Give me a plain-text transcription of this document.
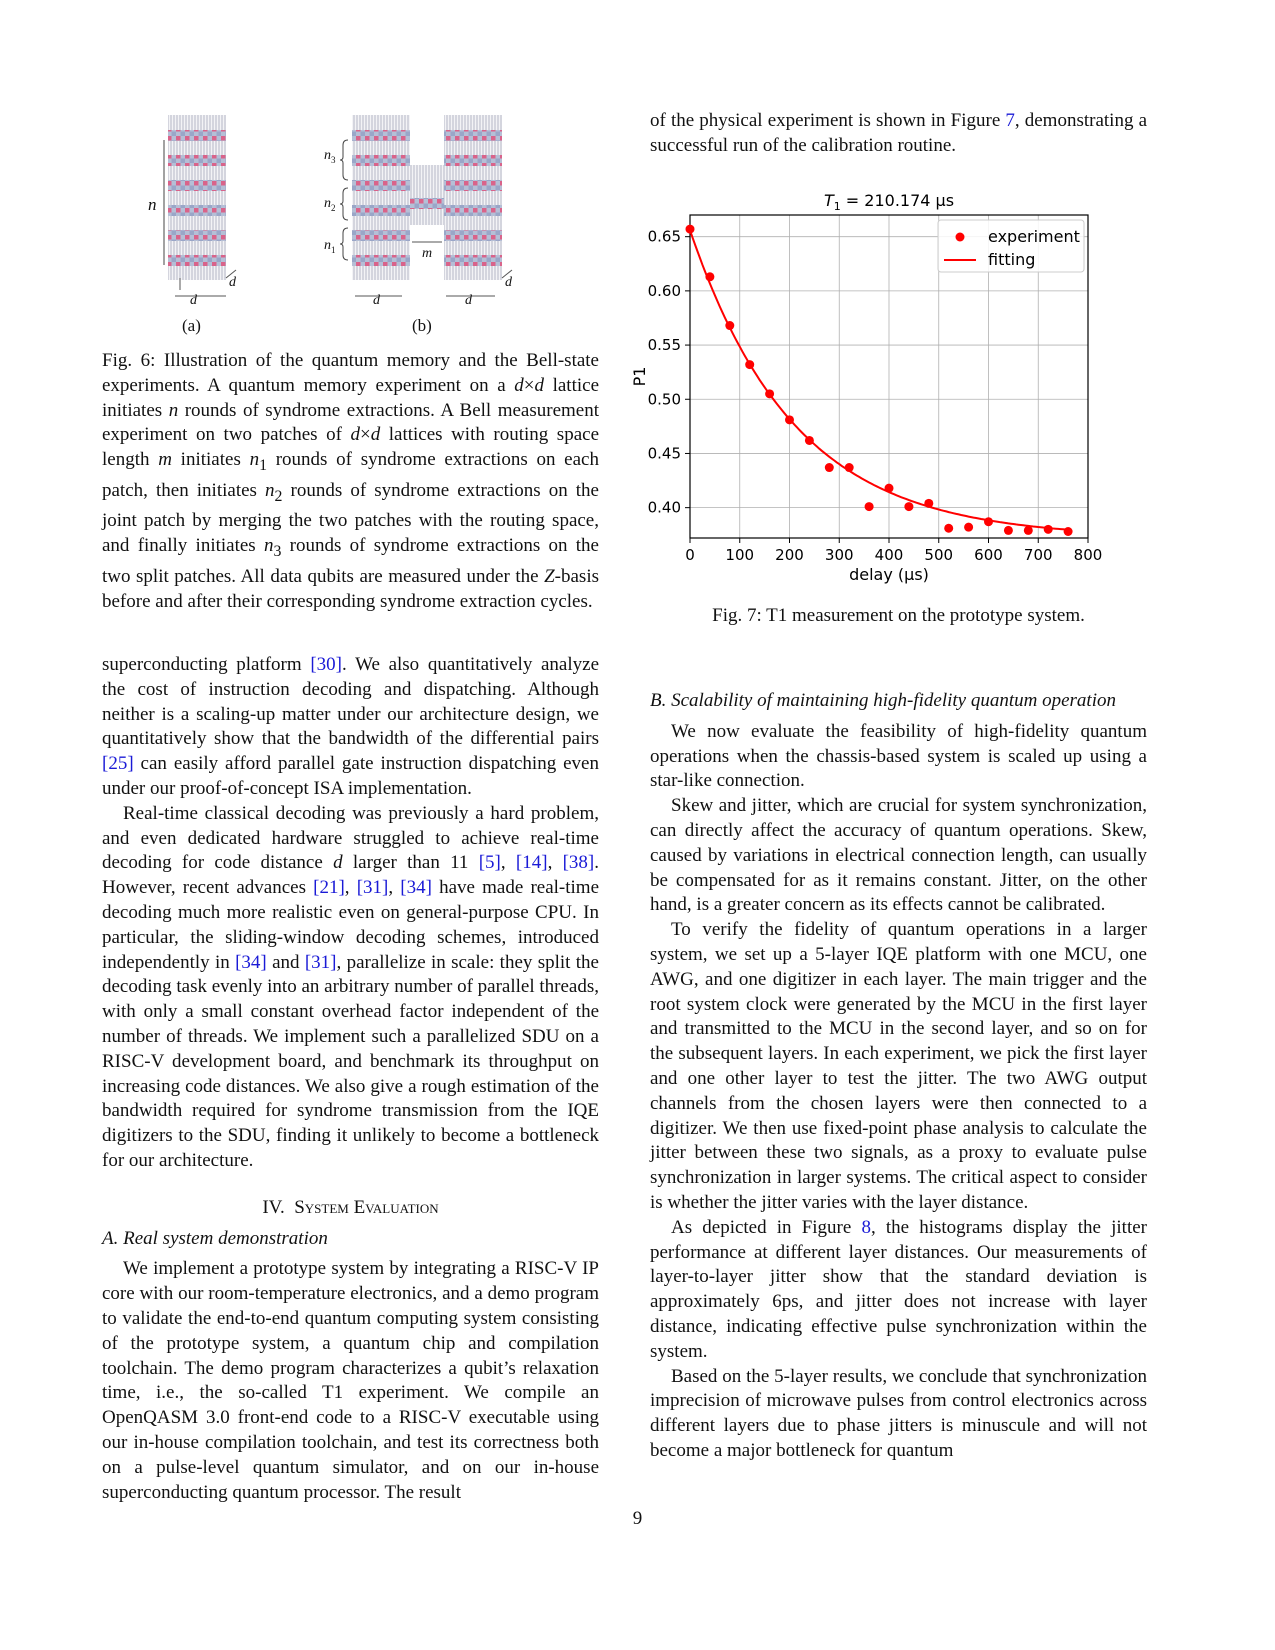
n
$n_3$
$n_2$
$n_1$	m
d	d
d	d	d
(a)	(b)
Fig. 6: Illustration of the quantum memory and the Bell-state experiments. A quantum memory experiment on a d×d lattice initiates n rounds of syndrome extractions. A Bell measurement experiment on two patches of d×d lattices with routing space length m initiates $n_1$ rounds of syndrome extractions on each patch, then initiates $n_2$ rounds of syndrome extractions on the joint patch by merging the two patches with the routing space, and finally initiates $n_3$ rounds of syndrome extractions on the two split patches. All data qubits are measured under the Z-basis before and after their corresponding syndrome extraction cycles.

superconducting platform [30]. We also quantitatively analyze the cost of instruction decoding and dispatching. Although neither is a scaling-up matter under our architecture design, we quantitatively show that the bandwidth of the differential pairs [25] can easily afford parallel gate instruction dispatching even under our proof-of-concept ISA implementation.

Real-time classical decoding was previously a hard problem, and even dedicated hardware struggled to achieve real-time decoding for code distance d larger than 11 [5], [14], [38]. However, recent advances [21], [31], [34] have made real-time decoding much more realistic even on general-purpose CPU. In particular, the sliding-window decoding schemes, introduced independently in [34] and [31], parallelize in scale: they split the decoding task evenly into an arbitrary number of parallel threads, with only a small constant overhead factor independent of the number of threads. We implement such a parallelized SDU on a RISC-V development board, and benchmark its throughput on increasing code distances. We also give a rough estimation of the bandwidth required for syndrome transmission from the IQE digitizers to the SDU, finding it unlikely to become a bottleneck for our architecture.

IV. System Evaluation

A. Real system demonstration

We implement a prototype system by integrating a RISC-V IP core with our room-temperature electronics, and a demo program to validate the end-to-end quantum computing system consisting of the prototype system, a quantum chip and compilation toolchain. The demo program characterizes a qubit’s relaxation time, i.e., the so-called T1 experiment. We compile an OpenQASM 3.0 front-end code to a RISC-V executable using our in-house compilation toolchain, and test its correctness both on a pulse-level quantum simulator, and on our in-house superconducting quantum processor. The result

of the physical experiment is shown in Figure 7, demonstrating a successful run of the calibration routine.

0 100 200 300 400 500 600 700 800
0.40
0.45
0.50
0.55
0.60
0.65
$T_1 = 210.174$ µs
delay (µs)
P1
experiment
fitting
Fig. 7: T1 measurement on the prototype system.

B. Scalability of maintaining high-fidelity quantum operation

We now evaluate the feasibility of high-fidelity quantum operations when the chassis-based system is scaled up using a star-like connection.

Skew and jitter, which are crucial for system synchronization, can directly affect the accuracy of quantum operations. Skew, caused by variations in electrical connection length, can usually be compensated for as it remains constant. Jitter, on the other hand, is a greater concern as its effects cannot be calibrated.

To verify the fidelity of quantum operations in a larger system, we set up a 5-layer IQE platform with one MCU, one AWG, and one digitizer in each layer. The main trigger and the root system clock were generated by the MCU in the first layer and transmitted to the MCU in the second layer, and so on for the subsequent layers. In each experiment, we pick the first layer and one other layer to test the jitter. The two AWG output channels from the chosen layers were then connected to a digitizer. We then use fixed-point phase analysis to calculate the jitter between these two signals, as a proxy to evaluate pulse synchronization in larger systems. The critical aspect to consider is whether the jitter varies with the layer distance.

As depicted in Figure 8, the histograms display the jitter performance at different layer distances. Our measurements of layer-to-layer jitter show that the standard deviation is approximately 6ps, and jitter does not increase with layer distance, indicating effective pulse synchronization within the system.

Based on the 5-layer results, we conclude that synchronization imprecision of microwave pulses from control electronics across different layers due to phase jitters is minuscule and will not become a major bottleneck for quantum

9
